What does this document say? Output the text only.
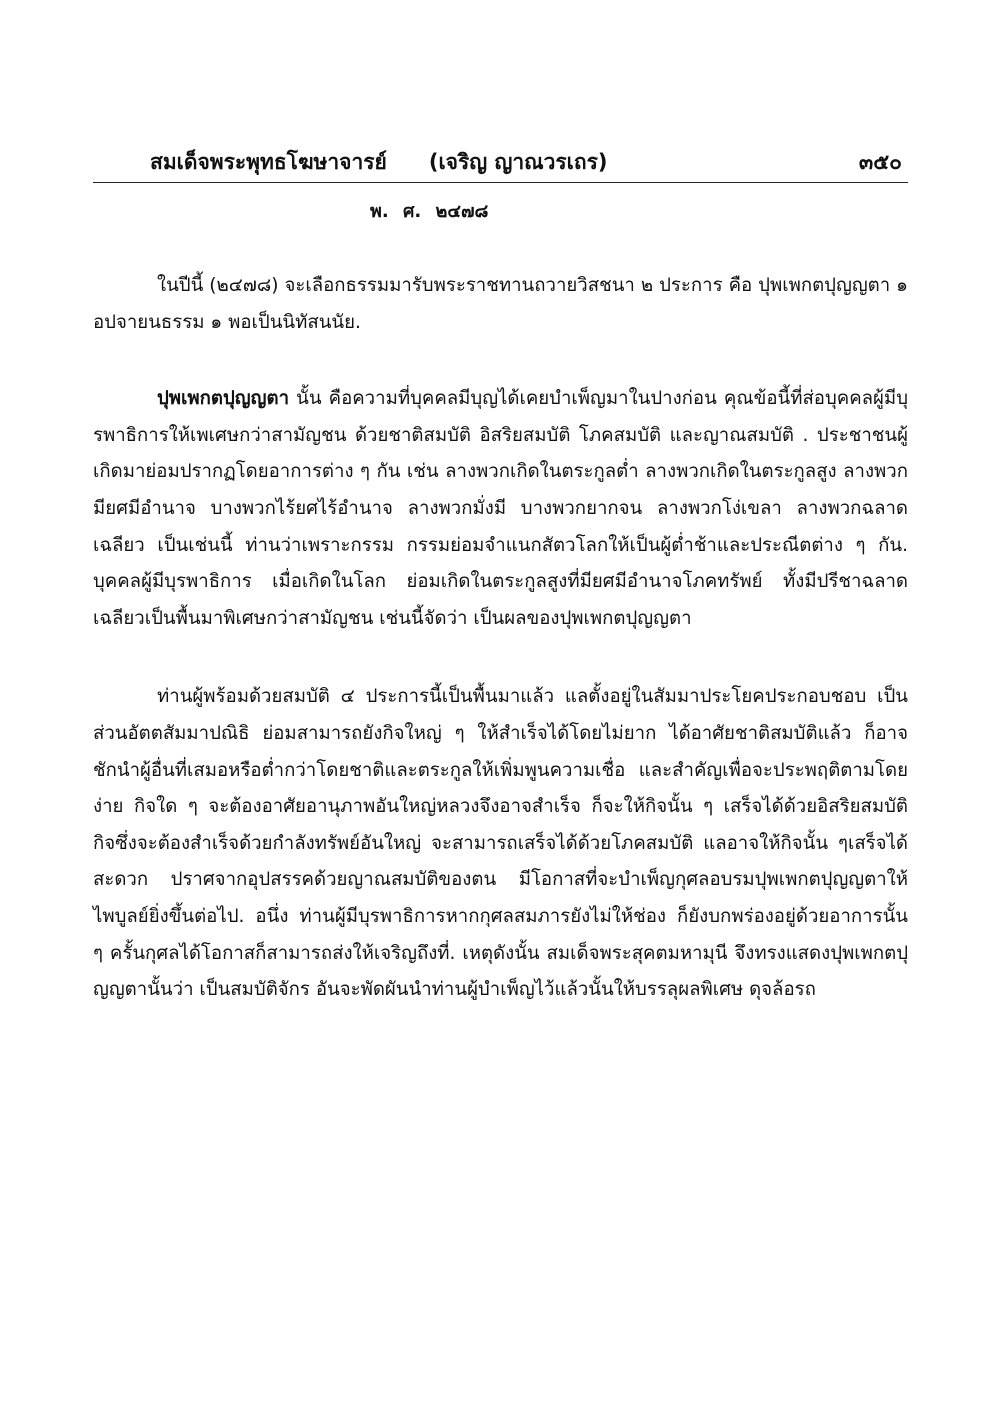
สมเด็จพระพุทธโฆษาจารย์ (เจริญ ญาณวรเถร)	๓๕๐
พ. ศ. ๒๔๗๘

ในปีนี้ (๒๔๗๘) จะเลือกธรรมมารับพระราชทานถวายวิสชนา ๒ ประการ คือ ปุพเพกตปุญญตา ๑ อปจายนธรรม ๑ พอเป็นนิทัสนนัย.

ปุพเพกตปุญญตา นั้น คือความที่บุคคลมีบุญได้เคยบำเพ็ญมาในปางก่อน คุณข้อนี้ที่ส่อบุคคลผู้มีบุรพาธิการให้เพเศษกว่าสามัญชน ด้วยชาติสมบัติ อิสริยสมบัติ โภคสมบัติ และญาณสมบัติ . ประชาชนผู้เกิดมาย่อมปรากฏโดยอาการต่าง ๆ กัน เช่น ลางพวกเกิดในตระกูลต่ำ ลางพวกเกิดในตระกูลสูง ลางพวกมียศมีอำนาจ บางพวกไร้ยศไร้อำนาจ ลางพวกมั่งมี บางพวกยากจน ลางพวกโง่เขลา ลางพวกฉลาดเฉลียว เป็นเช่นนี้ ท่านว่าเพราะกรรม กรรมย่อมจำแนกสัตวโลกให้เป็นผู้ต่ำช้าและประณีตต่าง ๆ กัน. บุคคลผู้มีบุรพาธิการ เมื่อเกิดในโลก ย่อมเกิดในตระกูลสูงที่มียศมีอำนาจโภคทรัพย์ ทั้งมีปรีชาฉลาดเฉลียวเป็นพื้นมาพิเศษกว่าสามัญชน เช่นนี้จัดว่า เป็นผลของปุพเพกตปุญญตา

ท่านผู้พร้อมด้วยสมบัติ ๔ ประการนี้เป็นพื้นมาแล้ว แลตั้งอยู่ในสัมมาประโยคประกอบชอบ เป็นส่วนอัตตสัมมาปณิธิ ย่อมสามารถยังกิจใหญ่ ๆ ให้สำเร็จได้โดยไม่ยาก ได้อาศัยชาติสมบัติแล้ว ก็อาจชักนำผู้อื่นที่เสมอหรือต่ำกว่าโดยชาติและตระกูลให้เพิ่มพูนความเชื่อ และสำคัญเพื่อจะประพฤติตามโดยง่าย กิจใด ๆ จะต้องอาศัยอานุภาพอันใหญ่หลวงจึงอาจสำเร็จ ก็จะให้กิจนั้น ๆ เสร็จได้ด้วยอิสริยสมบัติ กิจซึ่งจะต้องสำเร็จด้วยกำลังทรัพย์อันใหญ่ จะสามารถเสร็จได้ด้วยโภคสมบัติ แลอาจให้กิจนั้น ๆเสร็จได้สะดวก ปราศจากอุปสรรคด้วยญาณสมบัติของตน มีโอกาสที่จะบำเพ็ญกุศลอบรมปุพเพกตปุญญตาให้ไพบูลย์ยิ่งขึ้นต่อไป. อนึ่ง ท่านผู้มีบุรพาธิการหากกุศลสมภารยังไม่ให้ช่อง ก็ยังบกพร่องอยู่ด้วยอาการนั้น ๆ ครั้นกุศลได้โอกาสก็สามารถส่งให้เจริญถึงที่. เหตุดังนั้น สมเด็จพระสุคตมหามุนี จึงทรงแสดงปุพเพกตปุญญตานั้นว่า เป็นสมบัติจักร อันจะพัดผันนำท่านผู้บำเพ็ญไว้แล้วนั้นให้บรรลุผลพิเศษ ดุจล้อรถ
